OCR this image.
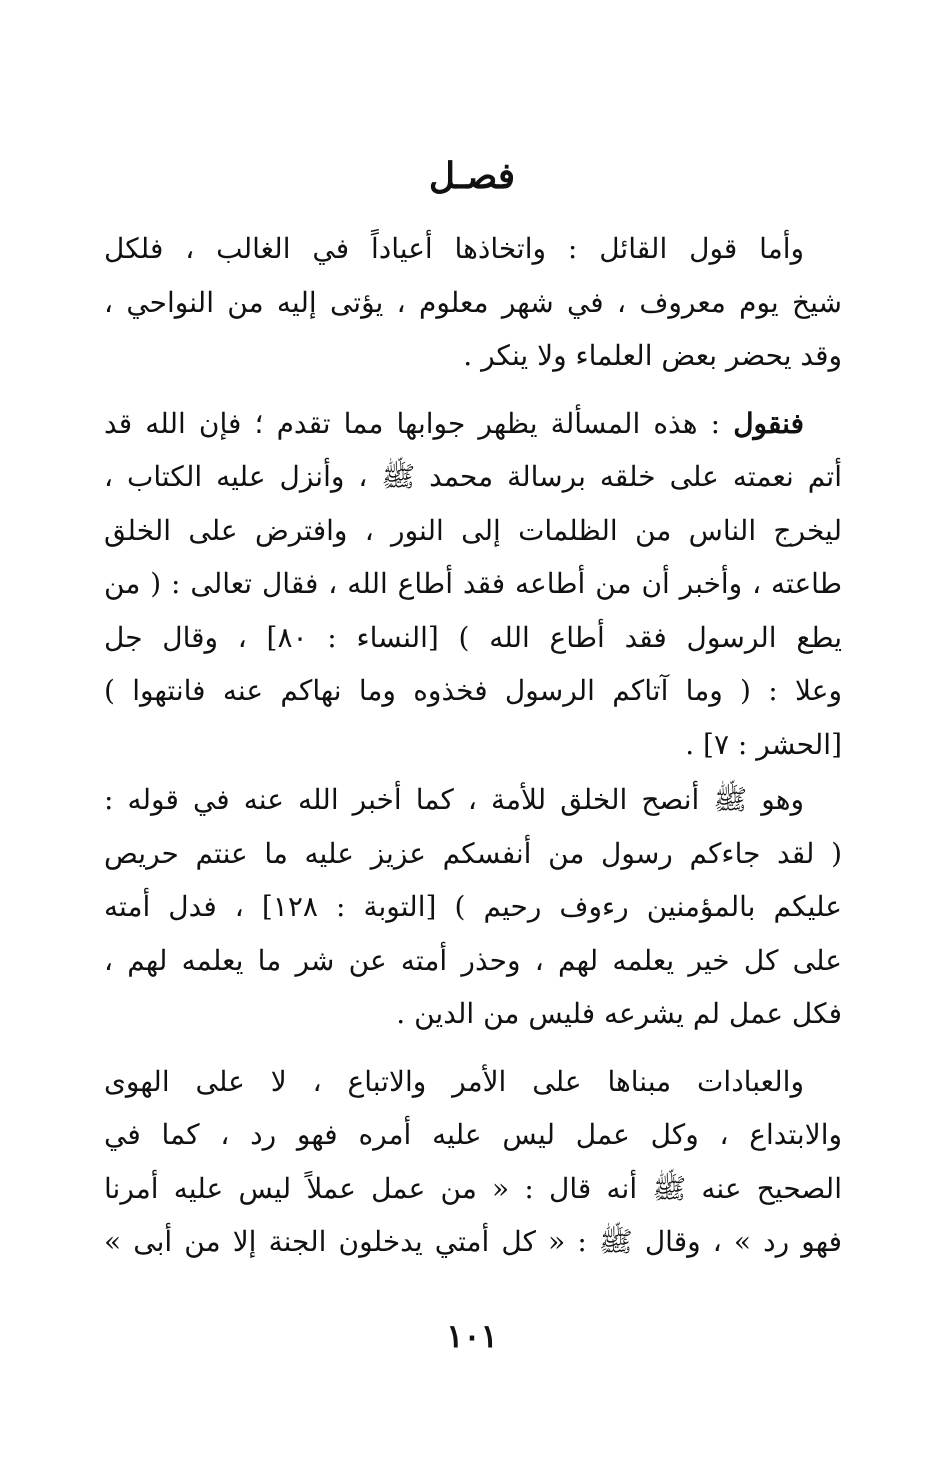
فصـل
وأما قول القائل : واتخاذها أعياداً في الغالب ، فلكل
شيخ يوم معروف ، في شهر معلوم ، يؤتى إليه من النواحي ،
وقد يحضر بعض العلماء ولا ينكر .
فنقول : هذه المسألة يظهر جوابها مما تقدم ؛ فإن الله قد
أتم نعمته على خلقه برسالة محمد ﷺ ، وأنزل عليه الكتاب ،
ليخرج الناس من الظلمات إلى النور ، وافترض على الخلق
طاعته ، وأخبر أن من أطاعه فقد أطاع الله ، فقال تعالى : ( من
يطع الرسول فقد أطاع الله ) [النساء : ٨٠] ، وقال جل
وعلا : ( وما آتاكم الرسول فخذوه وما نهاكم عنه فانتهوا )
[الحشر : ٧] .
وهو ﷺ أنصح الخلق للأمة ، كما أخبر الله عنه في قوله :
( لقد جاءكم رسول من أنفسكم عزيز عليه ما عنتم حريص
عليكم بالمؤمنين رءوف رحيم ) [التوبة : ١٢٨] ، فدل أمته
على كل خير يعلمه لهم ، وحذر أمته عن شر ما يعلمه لهم ،
فكل عمل لم يشرعه فليس من الدين .
والعبادات مبناها على الأمر والاتباع ، لا على الهوى
والابتداع ، وكل عمل ليس عليه أمره فهو رد ، كما في
الصحيح عنه ﷺ أنه قال : « من عمل عملاً ليس عليه أمرنا
فهو رد » ، وقال ﷺ : « كل أمتي يدخلون الجنة إلا من أبى »
١٠١
